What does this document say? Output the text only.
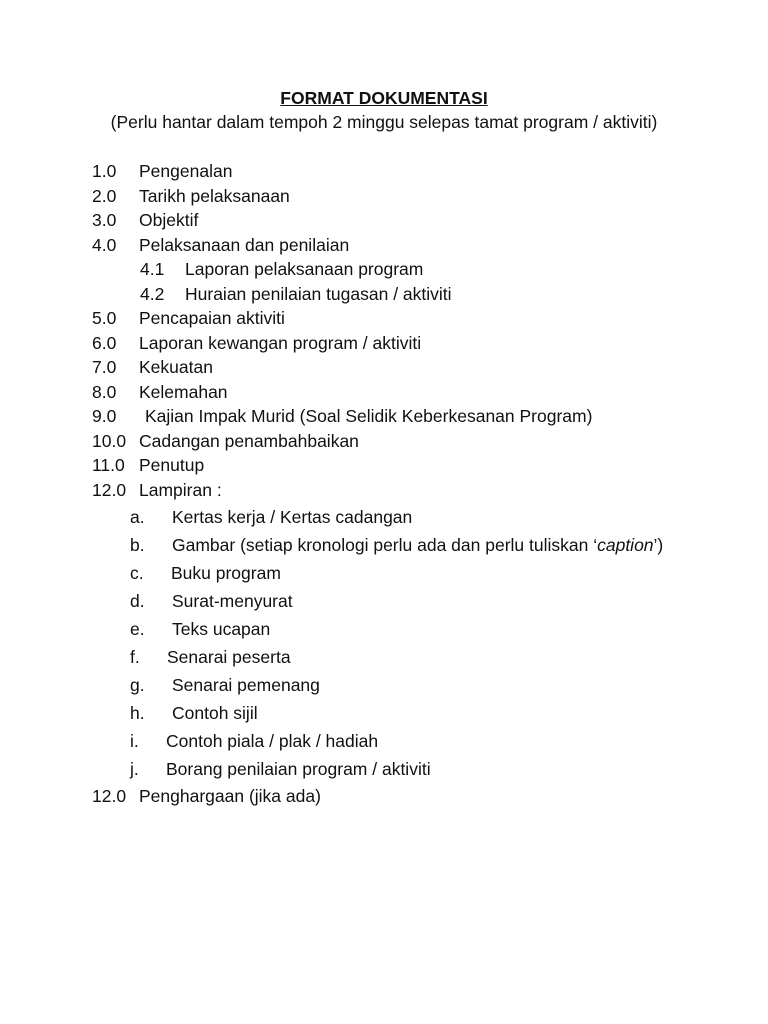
FORMAT DOKUMENTASI
(Perlu hantar dalam tempoh 2 minggu selepas tamat program / aktiviti)
1.0 Pengenalan
2.0 Tarikh pelaksanaan
3.0 Objektif
4.0 Pelaksanaan dan penilaian
4.1 Laporan pelaksanaan program
4.2 Huraian penilaian tugasan / aktiviti
5.0 Pencapaian aktiviti
6.0 Laporan kewangan program / aktiviti
7.0 Kekuatan
8.0 Kelemahan
9.0 Kajian Impak Murid (Soal Selidik Keberkesanan Program)
10.0 Cadangan penambahbaikan
11.0 Penutup
12.0 Lampiran :
a. Kertas kerja / Kertas cadangan
b. Gambar (setiap kronologi perlu ada dan perlu tuliskan ‘caption’)
c. Buku program
d. Surat-menyurat
e. Teks ucapan
f. Senarai peserta
g. Senarai pemenang
h. Contoh sijil
i. Contoh piala / plak / hadiah
j. Borang penilaian program / aktiviti
12.0 Penghargaan (jika ada)
